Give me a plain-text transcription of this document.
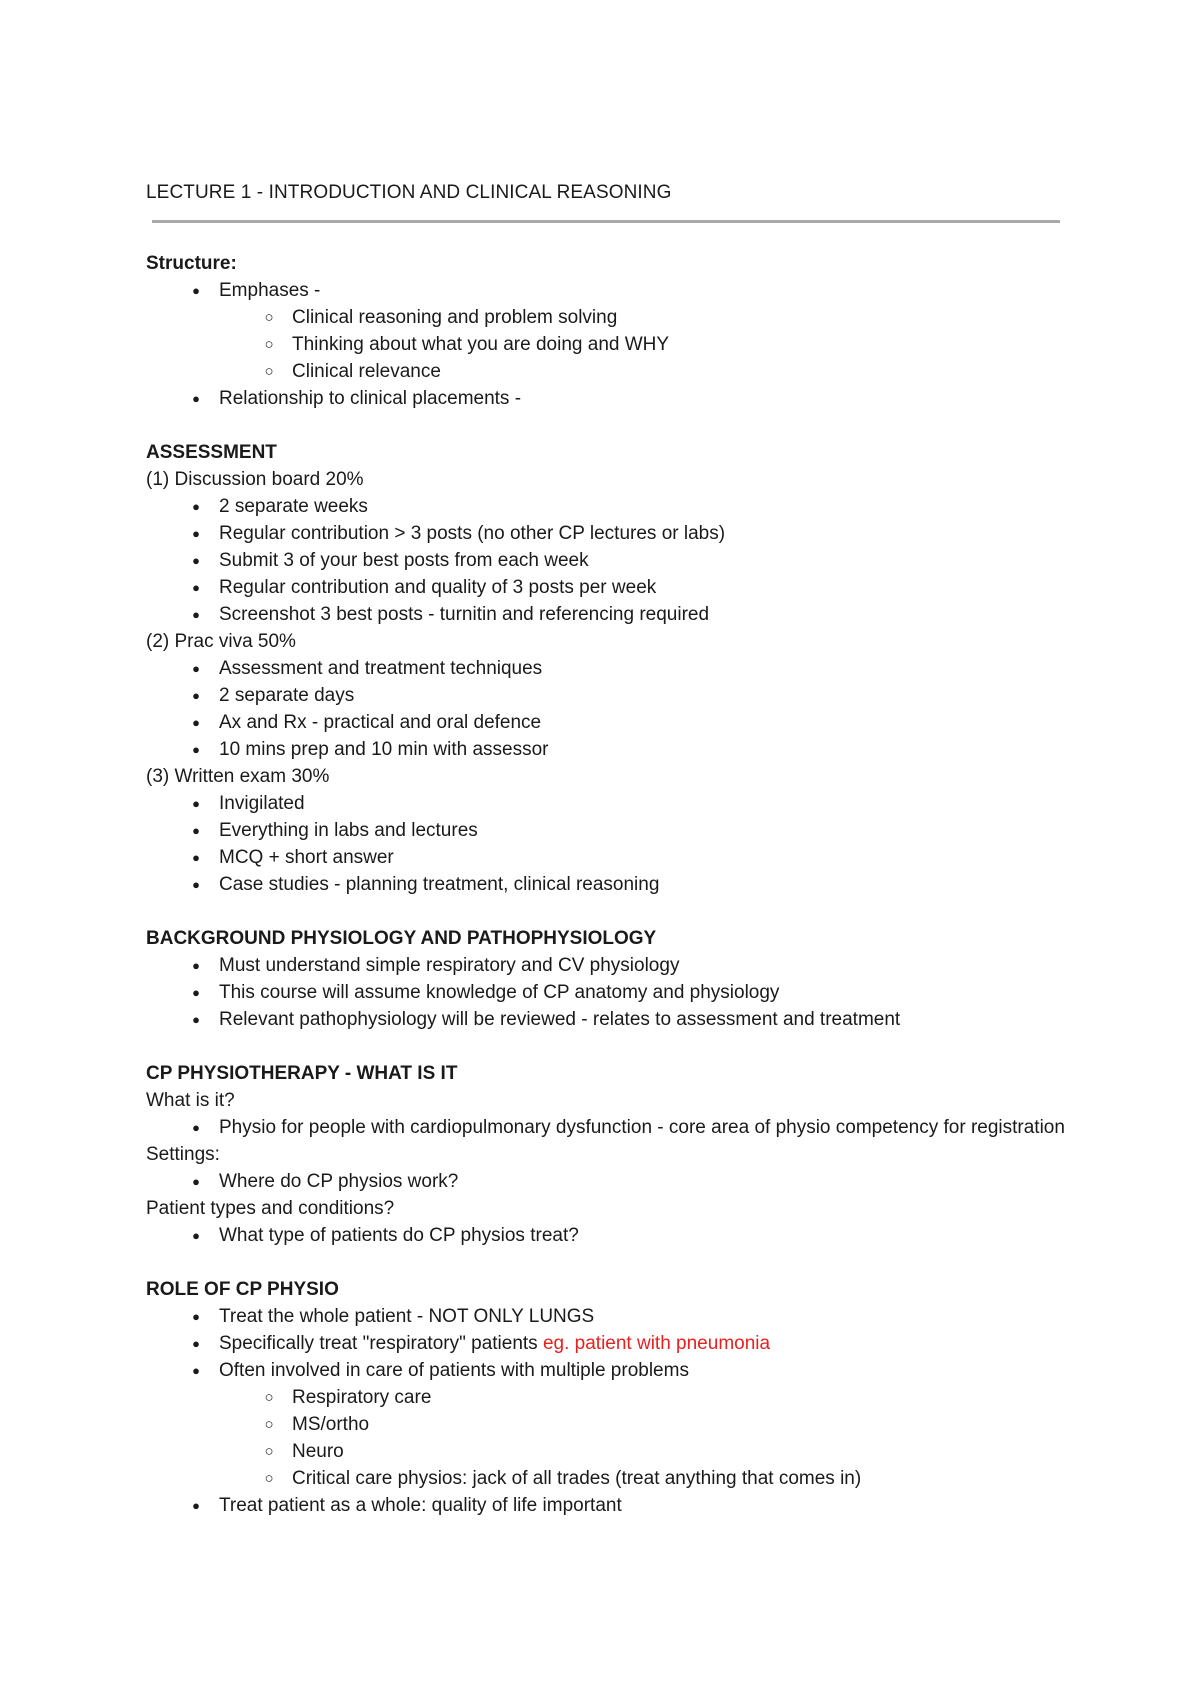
LECTURE 1 - INTRODUCTION AND CLINICAL REASONING

Structure:

●	Emphases -
○ Clinical reasoning and problem solving
○ Thinking about what you are doing and WHY
○ Clinical relevance
●	Relationship to clinical placements -

ASSESSMENT

(1) Discussion board 20%

●	2 separate weeks
●	Regular contribution > 3 posts (no other CP lectures or labs)
●	Submit 3 of your best posts from each week
●	Regular contribution and quality of 3 posts per week
●	Screenshot 3 best posts - turnitin and referencing required

(2) Prac viva 50%

●	Assessment and treatment techniques
●	2 separate days
●	Ax and Rx - practical and oral defence
●	10 mins prep and 10 min with assessor

(3) Written exam 30%

●	Invigilated
●	Everything in labs and lectures
●	MCQ + short answer
●	Case studies - planning treatment, clinical reasoning

BACKGROUND PHYSIOLOGY AND PATHOPHYSIOLOGY

●	Must understand simple respiratory and CV physiology
●	This course will assume knowledge of CP anatomy and physiology
●	Relevant pathophysiology will be reviewed - relates to assessment and treatment

CP PHYSIOTHERAPY - WHAT IS IT

What is it?

●	Physio for people with cardiopulmonary dysfunction - core area of physio competency for registration

Settings:

●	Where do CP physios work?

Patient types and conditions?

●	What type of patients do CP physios treat?

ROLE OF CP PHYSIO

●	Treat the whole patient - NOT ONLY LUNGS
●	Specifically treat "respiratory" patients eg. patient with pneumonia
●	Often involved in care of patients with multiple problems
○ Respiratory care
○ MS/ortho
○ Neuro
○ Critical care physios: jack of all trades (treat anything that comes in)
●	Treat patient as a whole: quality of life important
